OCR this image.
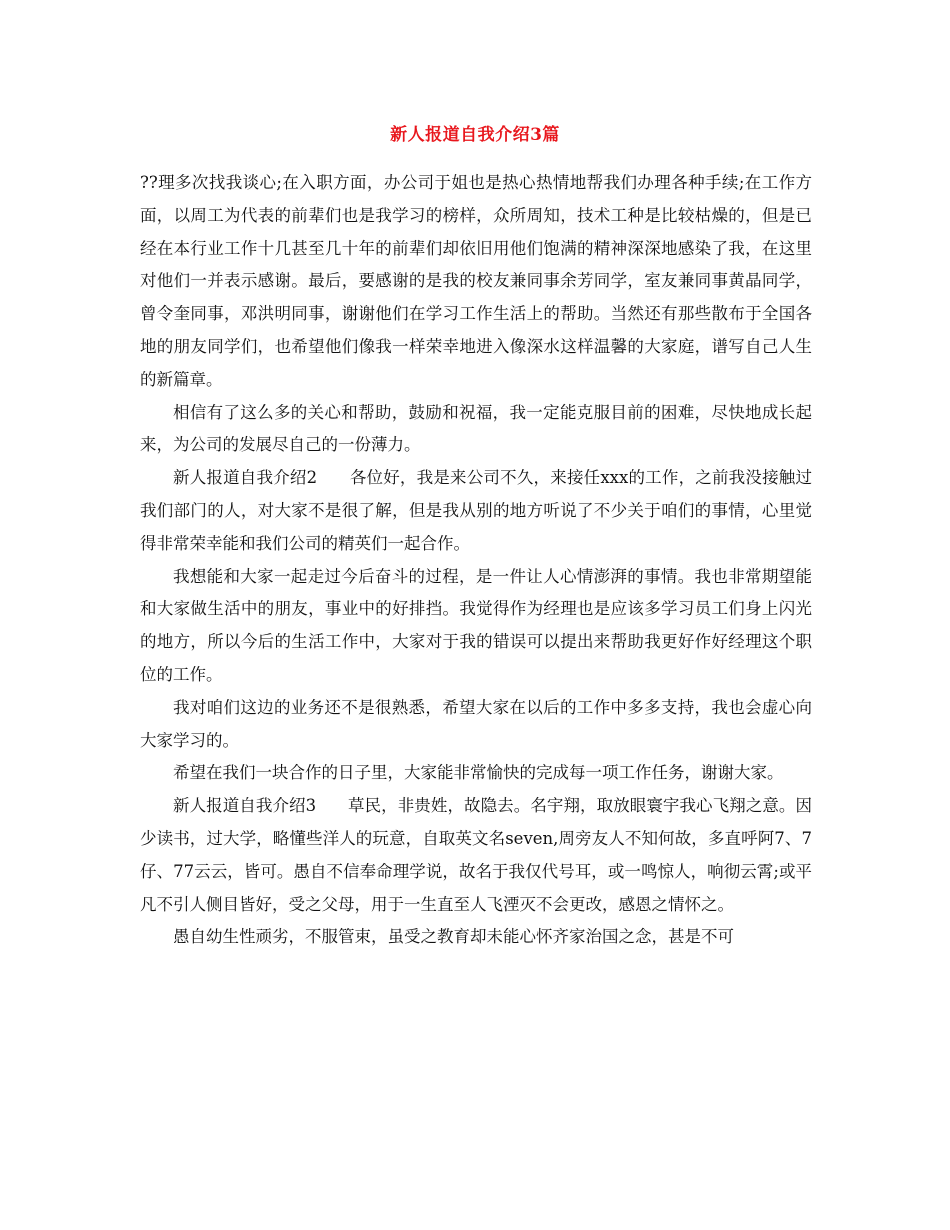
新人报道自我介绍3篇

??理多次找我谈心;在入职方面，办公司于姐也是热心热情地帮我们办理各种手续;在工作方面，以周工为代表的前辈们也是我学习的榜样，众所周知，技术工种是比较枯燥的，但是已经在本行业工作十几甚至几十年的前辈们却依旧用他们饱满的精神深深地感染了我，在这里对他们一并表示感谢。最后，要感谢的是我的校友兼同事余芳同学，室友兼同事黄晶同学，曾令奎同事，邓洪明同事，谢谢他们在学习工作生活上的帮助。当然还有那些散布于全国各地的朋友同学们，也希望他们像我一样荣幸地进入像深水这样温馨的大家庭，谱写自己人生的新篇章。

相信有了这么多的关心和帮助，鼓励和祝福，我一定能克服目前的困难，尽快地成长起来，为公司的发展尽自己的一份薄力。

新人报道自我介绍2 各位好，我是来公司不久，来接任xxx的工作，之前我没接触过我们部门的人，对大家不是很了解，但是我从别的地方听说了不少关于咱们的事情，心里觉得非常荣幸能和我们公司的精英们一起合作。

我想能和大家一起走过今后奋斗的过程，是一件让人心情澎湃的事情。我也非常期望能和大家做生活中的朋友，事业中的好排挡。我觉得作为经理也是应该多学习员工们身上闪光的地方，所以今后的生活工作中，大家对于我的错误可以提出来帮助我更好作好经理这个职位的工作。

我对咱们这边的业务还不是很熟悉，希望大家在以后的工作中多多支持，我也会虚心向大家学习的。

希望在我们一块合作的日子里，大家能非常愉快的完成每一项工作任务，谢谢大家。

新人报道自我介绍3 草民，非贵姓，故隐去。名宇翔，取放眼寰宇我心飞翔之意。因少读书，过大学，略懂些洋人的玩意，自取英文名seven,周旁友人不知何故，多直呼阿7、7仔、77云云，皆可。愚自不信奉命理学说，故名于我仅代号耳，或一鸣惊人，响彻云霄;或平凡不引人侧目皆好，受之父母，用于一生直至人飞湮灭不会更改，感恩之情怀之。

愚自幼生性顽劣，不服管束，虽受之教育却未能心怀齐家治国之念，甚是不可
